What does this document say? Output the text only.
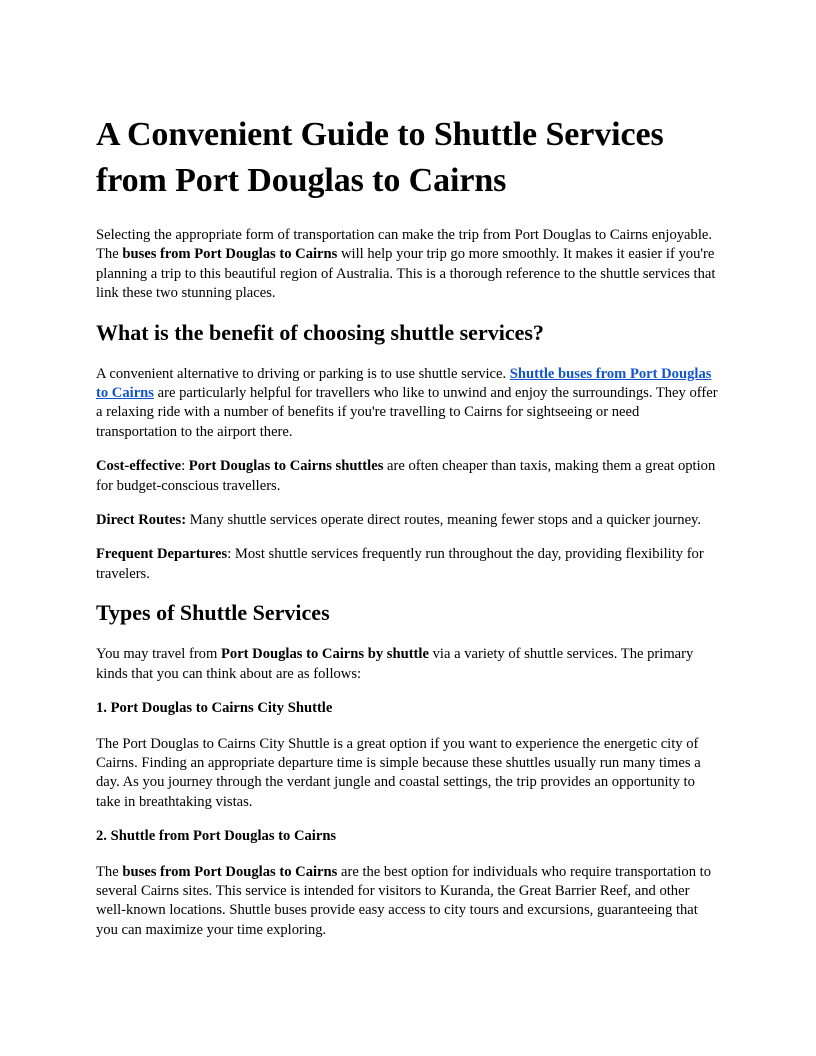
A Convenient Guide to Shuttle Services from Port Douglas to Cairns

Selecting the appropriate form of transportation can make the trip from Port Douglas to Cairns enjoyable. The buses from Port Douglas to Cairns will help your trip go more smoothly. It makes it easier if you're planning a trip to this beautiful region of Australia. This is a thorough reference to the shuttle services that link these two stunning places.

What is the benefit of choosing shuttle services?

A convenient alternative to driving or parking is to use shuttle service. Shuttle buses from Port Douglas to Cairns are particularly helpful for travellers who like to unwind and enjoy the surroundings. They offer a relaxing ride with a number of benefits if you're travelling to Cairns for sightseeing or need transportation to the airport there.

Cost-effective: Port Douglas to Cairns shuttles are often cheaper than taxis, making them a great option for budget-conscious travellers.

Direct Routes: Many shuttle services operate direct routes, meaning fewer stops and a quicker journey.

Frequent Departures: Most shuttle services frequently run throughout the day, providing flexibility for travelers.

Types of Shuttle Services

You may travel from Port Douglas to Cairns by shuttle via a variety of shuttle services. The primary kinds that you can think about are as follows:

1. Port Douglas to Cairns City Shuttle

The Port Douglas to Cairns City Shuttle is a great option if you want to experience the energetic city of Cairns. Finding an appropriate departure time is simple because these shuttles usually run many times a day. As you journey through the verdant jungle and coastal settings, the trip provides an opportunity to take in breathtaking vistas.

2. Shuttle from Port Douglas to Cairns

The buses from Port Douglas to Cairns are the best option for individuals who require transportation to several Cairns sites. This service is intended for visitors to Kuranda, the Great Barrier Reef, and other well-known locations. Shuttle buses provide easy access to city tours and excursions, guaranteeing that you can maximize your time exploring.
